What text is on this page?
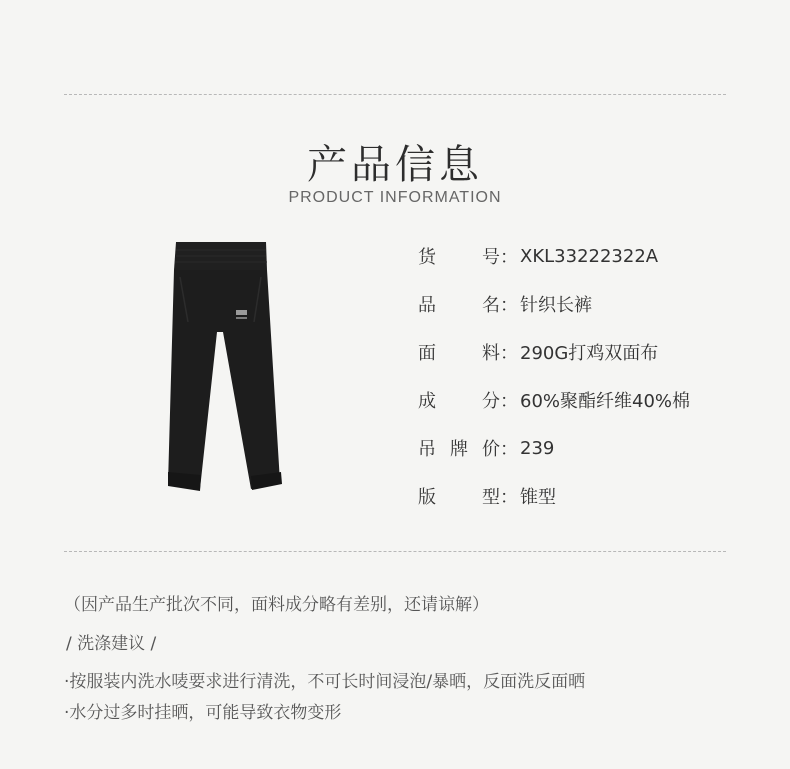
产品信息
PRODUCT INFORMATION
货	号 ： XKL33222322A
品	名 ： 针织长裤
面	料 ： 290G打鸡双面布
成	分 ： 60%聚酯纤维40%棉
吊 牌 价 ： 239
版	型 ： 锥型
（因产品生产批次不同，面料成分略有差别，还请谅解）
/ 洗涤建议 /
·按服装内洗水唛要求进行清洗，不可长时间浸泡/暴晒，反面洗反面晒
·水分过多时挂晒，可能导致衣物变形
